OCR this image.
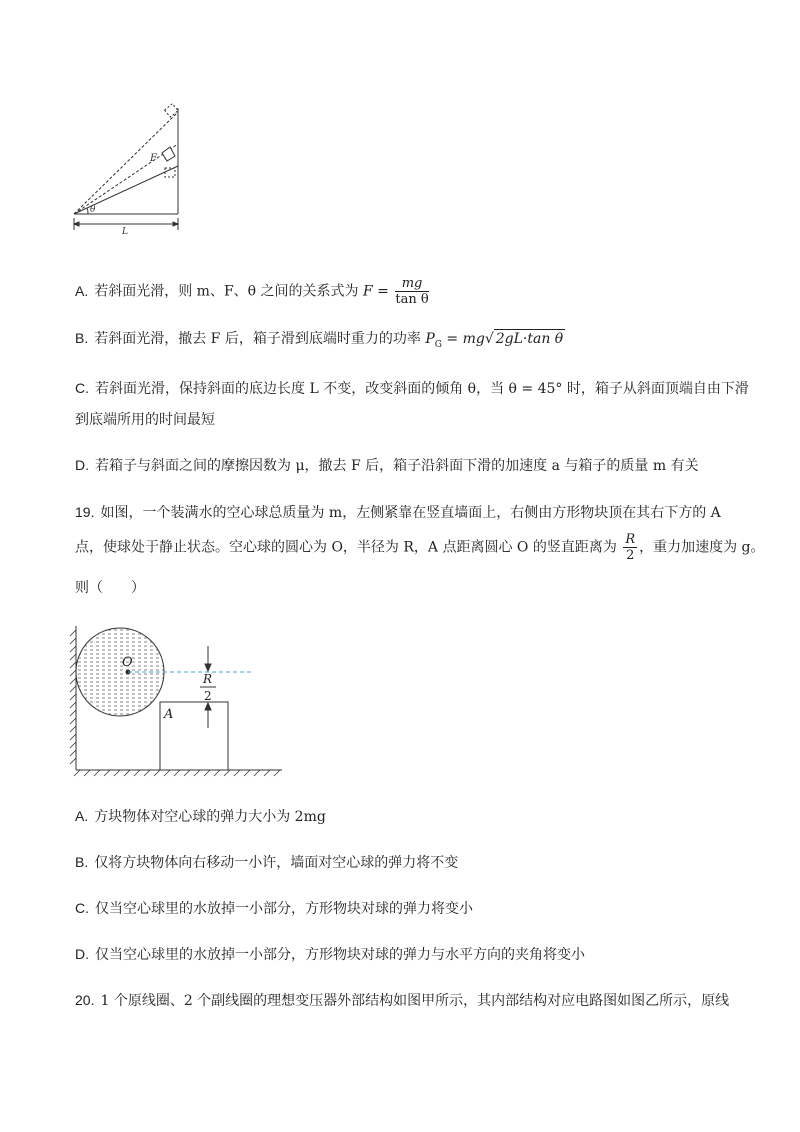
F
θ
L
A. 若斜面光滑，则 m、F、θ 之间的关系式为 $F = \frac{mg}{\text{tan θ}}$
B. 若斜面光滑，撤去 F 后，箱子滑到底端时重力的功率 $P_G = mg√$ 2gL·tan θ
C. 若斜面光滑，保持斜面的底边长度 L 不变，改变斜面的倾角 θ，当 θ = 45° 时，箱子从斜面顶端自由下滑
到底端所用的时间最短
D. 若箱子与斜面之间的摩擦因数为 μ，撤去 F 后，箱子沿斜面下滑的加速度 a 与箱子的质量 m 有关
19. 如图，一个装满水的空心球总质量为 m，左侧紧靠在竖直墙面上，右侧由方形物块顶在其右下方的 A
点，使球处于静止状态。空心球的圆心为 O，半径为 R，A 点距离圆心 O 的竖直距离为 $\frac{R}{2}$ ，重力加速度为 g。
则（　　）
O
R
2
A
A. 方块物体对空心球的弹力大小为 2mg
B. 仅将方块物体向右移动一小许，墙面对空心球的弹力将不变
C. 仅当空心球里的水放掉一小部分，方形物块对球的弹力将变小
D. 仅当空心球里的水放掉一小部分，方形物块对球的弹力与水平方向的夹角将变小
20. 1 个原线圈、2 个副线圈的理想变压器外部结构如图甲所示，其内部结构对应电路图如图乙所示，原线
